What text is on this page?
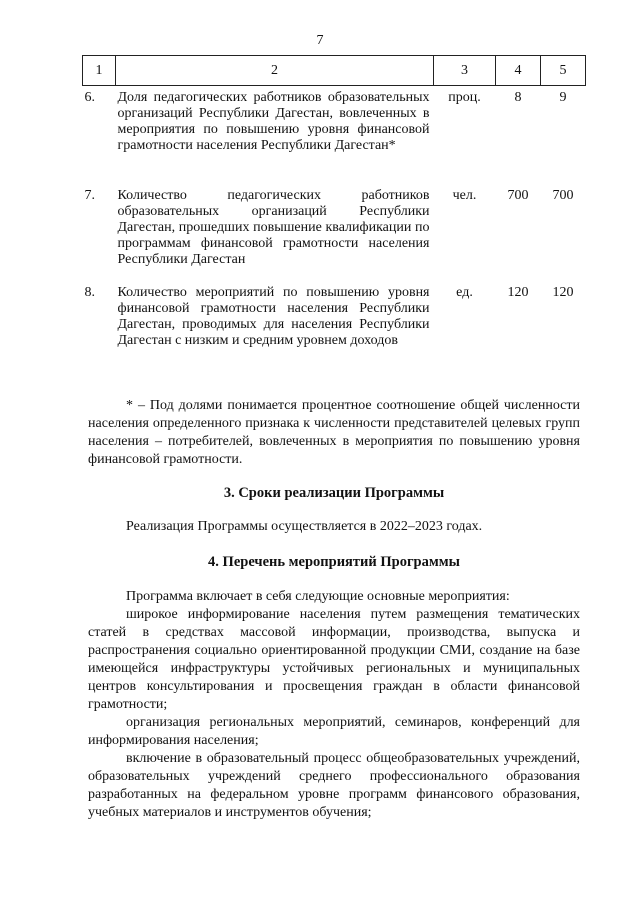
7
1	2	3	4	5
6.	Доля педагогических работников образовательных организаций Республики Дагестан, вовлеченных в мероприятия по повышению уровня финансовой грамотности населения Республики Дагестан*	проц.	8	9
7.	Количество педагогических работников образовательных организаций Республики Дагестан, прошедших повышение квалификации по программам финансовой грамотности населения Республики Дагестан	чел.	700	700
8.	Количество мероприятий по повышению уровня финансовой грамотности населения Республики Дагестан, проводимых для населения Республики Дагестан с низким и средним уровнем доходов	ед.	120	120

* – Под долями понимается процентное соотношение общей численности населения определенного признака к численности представителей целевых групп населения – потребителей, вовлеченных в мероприятия по повышению уровня финансовой грамотности.

3. Сроки реализации Программы

Реализация Программы осуществляется в 2022–2023 годах.

4. Перечень мероприятий Программы

Программа включает в себя следующие основные мероприятия:

широкое информирование населения путем размещения тематических статей в средствах массовой информации, производства, выпуска и распространения социально ориентированной продукции СМИ, создание на базе имеющейся инфраструктуры устойчивых региональных и муниципальных центров консультирования и просвещения граждан в области финансовой грамотности;

организация региональных мероприятий, семинаров, конференций для информирования населения;

включение в образовательный процесс общеобразовательных учреждений, образовательных учреждений среднего профессионального образования разработанных на федеральном уровне программ финансового образования, учебных материалов и инструментов обучения;
